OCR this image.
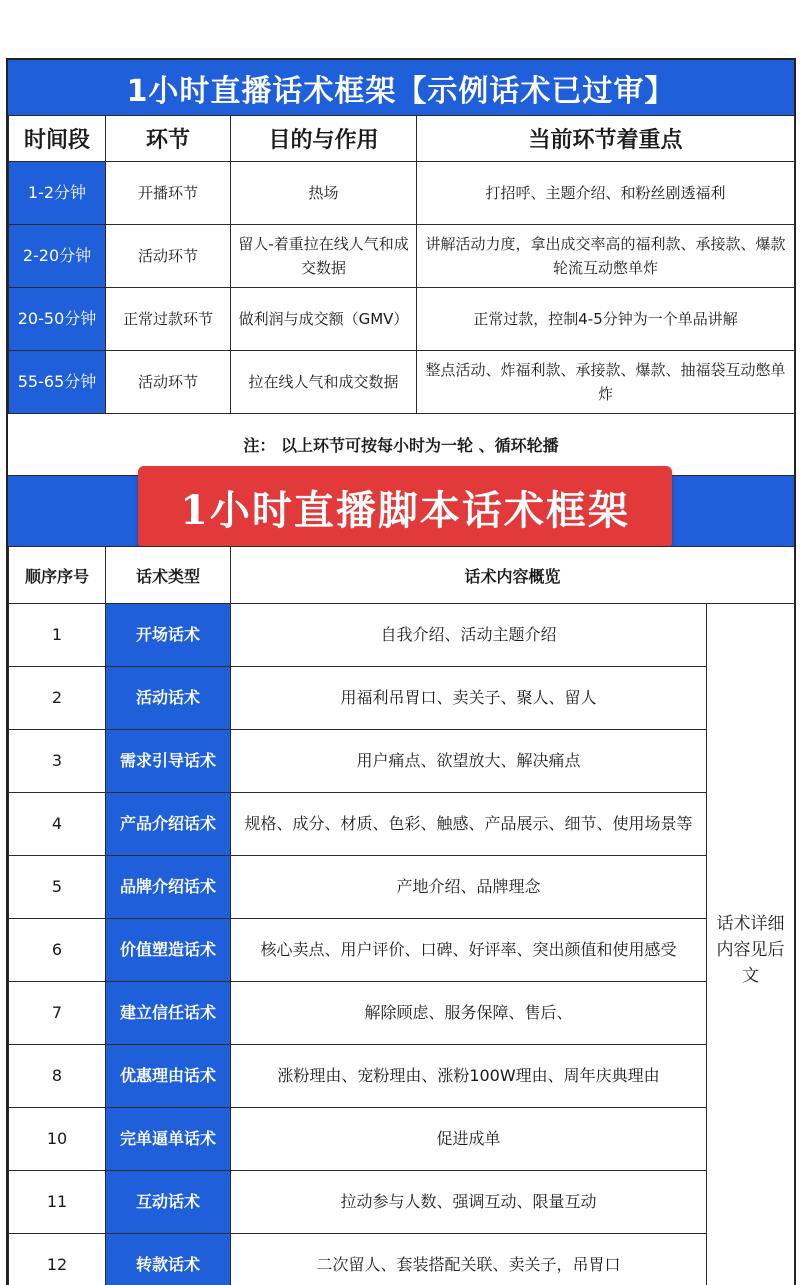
1小时直播话术框架【示例话术已过审】
时间段	环节	目的与作用	当前环节着重点
1-2分钟	开播环节	热场	打招呼、主题介绍、和粉丝剧透福利
2-20分钟	活动环节	留人-着重拉在线人气和成交数据	讲解活动力度，拿出成交率高的福利款、承接款、爆款轮流互动憋单炸
20-50分钟	正常过款环节	做利润与成交额（GMV）	正常过款，控制4-5分钟为一个单品讲解
55-65分钟	活动环节	拉在线人气和成交数据	整点活动、炸福利款、承接款、爆款、抽福袋互动憋单炸
注： 以上环节可按每小时为一轮 、循环轮播
1小时直播脚本话术框架
顺序序号	话术类型	话术内容概览	
1	开场话术	自我介绍、活动主题介绍	话术详细内容见后文
2	活动话术	用福利吊胃口、卖关子、聚人、留人	
3	需求引导话术	用户痛点、欲望放大、解决痛点	
4	产品介绍话术	规格、成分、材质、色彩、触感、产品展示、细节、使用场景等	
5	品牌介绍话术	产地介绍、品牌理念	
6	价值塑造话术	核心卖点、用户评价、口碑、好评率、突出颜值和使用感受	
7	建立信任话术	解除顾虑、服务保障、售后、	
8	优惠理由话术	涨粉理由、宠粉理由、涨粉100W理由、周年庆典理由	
10	完单逼单话术	促进成单	
11	互动话术	拉动参与人数、强调互动、限量互动	
12	转款话术	二次留人、套装搭配关联、卖关子，吊胃口	
